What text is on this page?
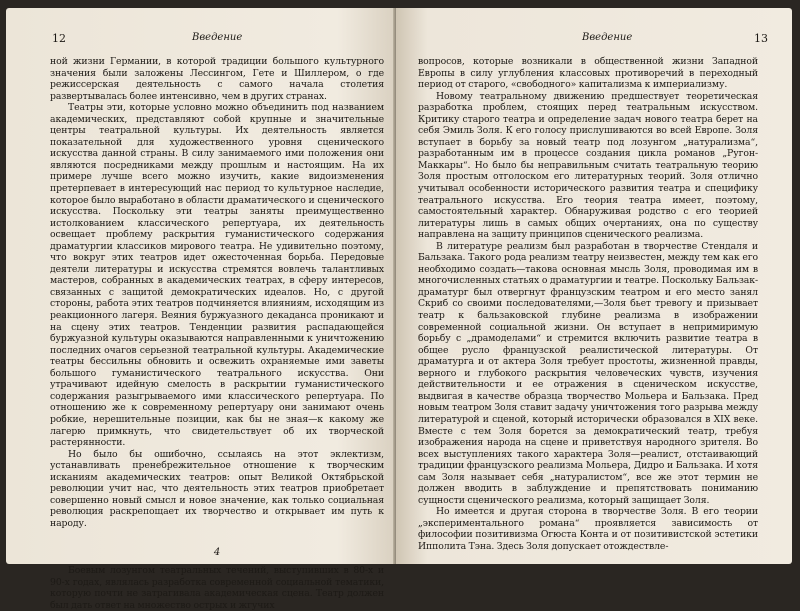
12	Введение

ной жизни Германии, в которой традиции большого культурного значения были заложены Лессингом, Гете и Шиллером, о где режиссерская деятельность с самого начала столетия развертывалась более интенсивно, чем в других странах.

Театры эти, которые условно можно объединить под названием академических, представляют собой крупные и значительные центры театральной культуры. Их деятельность является показательной для художественного уровня сценического искусства данной страны. В силу занимаемого ими положения они являются посредниками между прошлым и настоящим. На их примере лучше всего можно изучить, какие видоизменения претерпевает в интересующий нас период то культурное наследие, которое было выработано в области драматического и сценического искусства. Поскольку эти театры заняты преимущественно истолкованием классического репертуара, их деятельность освещает проблему раскрытия гуманистического содержания драматургии классиков мирового театра. Не удивительно поэтому, что вокруг этих театров идет ожесточенная борьба. Передовые деятели литературы и искусства стремятся вовлечь талантливых мастеров, собранных в академических театрах, в сферу интересов, связанных с защитой демократических идеалов. Но, с другой стороны, работа этих театров подчиняется влияниям, исходящим из реакционного лагеря. Веяния буржуазного декаданса проникают и на сцену этих театров. Тенденции развития распадающейся буржуазной культуры оказываются направленными к уничтожению последних очагов серьезной театральной культуры. Академические театры бессильны обновить и освежить охраняемые ими заветы большого гуманистического театрального искусства. Они утрачивают идейную смелость в раскрытии гуманистического содержания разыгрываемого ими классического репертуара. По отношению же к современному репертуару они занимают очень робкие, нерешительные позиции, как бы не зная—к какому же лагерю примкнуть, что свидетельствует об их творческой растерянности.

Но было бы ошибочно, ссылаясь на этот эклектизм, устанавливать пренебрежительное отношение к творческим исканиям академических театров: опыт Великой Октябрьской революции учит нас, что деятельность этих театров приобретает совершенно новый смысл и новое значение, как только социальная революция раскрепощает их творчество и открывает им путь к народу.

4

Боевым лозунгом театральных течений, выступивших в 80-х и 90-х годах, являлась разработка современной социальной тематики, которую почти не затрагивала академическая сцена. Театр должен был дать ответ на множество острых и жгучих

Введение	13

вопросов, которые возникали в общественной жизни Западной Европы в силу углубления классовых противоречий в переходный период от старого, «свободного» капитализма к империализму.

Новому театральному движению предшествует теоретическая разработка проблем, стоящих перед театральным искусством. Критику старого театра и определение задач нового театра берет на себя Эмиль Золя. К его голосу прислушиваются во всей Европе. Золя вступает в борьбу за новый театр под лозунгом „натурализма“, разработанным им в процессе создания цикла романов „Ругон-Маккары“. Но было бы неправильным считать театральную теорию Золя простым отголоском его литературных теорий. Золя отлично учитывал особенности исторического развития театра и специфику театрального искусства. Его теория театра имеет, поэтому, самостоятельный характер. Обнаруживая родство с его теорией литературы лишь в самых общих очертаниях, она по существу направлена на защиту принципов сценического реализма.

В литературе реализм был разработан в творчестве Стендаля и Бальзака. Такого рода реализм театру неизвестен, между тем как его необходимо создать—такова основная мысль Золя, проводимая им в многочисленных статьях о драматургии и театре. Поскольку Бальзак-драматург был отвергнут французским театром и его место занял Скриб со своими последователями,—Золя бьет тревогу и призывает театр к бальзаковской глубине реализма в изображении современной социальной жизни. Он вступает в непримиримую борьбу с „драмоделами“ и стремится включить развитие театра в общее русло французской реалистической литературы. От драматурга и от актера Золя требует простоты, жизненной правды, верного и глубокого раскрытия человеческих чувств, изучения действительности и ее отражения в сценическом искусстве, выдвигая в качестве образца творчество Мольера и Бальзака. Пред новым театром Золя ставит задачу уничтожения того разрыва между литературой и сценой, который исторически образовался в XIX веке. Вместе с тем Золя борется за демократический театр, требуя изображения народа на сцене и приветствуя народного зрителя. Во всех выступлениях такого характера Золя—реалист, отстаивающий традиции французского реализма Мольера, Дидро и Бальзака. И хотя сам Золя называет себя „натуралистом“, все же этот термин не должен вводить в заблуждение и препятствовать пониманию сущности сценического реализма, который защищает Золя.

Но имеется и другая сторона в творчестве Золя. В его теории „экспериментального романа“ проявляется зависимость от философии позитивизма Огюста Конта и от позитивистской эстетики Ипполита Тэна. Здесь Золя допускает отождествле-
